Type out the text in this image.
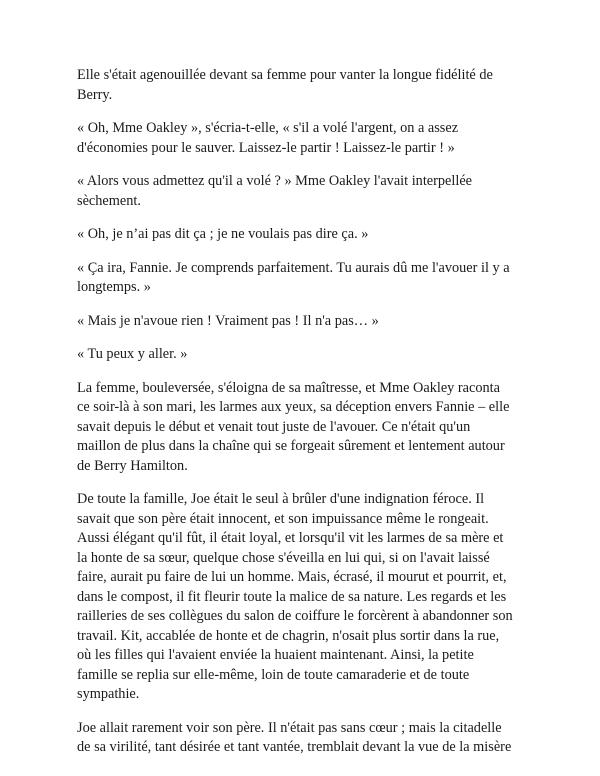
Elle s'était agenouillée devant sa femme pour vanter la longue fidélité de
Berry.

« Oh, Mme Oakley », s'écria-t-elle, « s'il a volé l'argent, on a assez
d'économies pour le sauver. Laissez-le partir ! Laissez-le partir ! »

« Alors vous admettez qu'il a volé ? » Mme Oakley l'avait interpellée
sèchement.

« Oh, je n’ai pas dit ça ; je ne voulais pas dire ça. »

« Ça ira, Fannie. Je comprends parfaitement. Tu aurais dû me l'avouer il y a
longtemps. »

« Mais je n'avoue rien ! Vraiment pas ! Il n'a pas… »

« Tu peux y aller. »

La femme, bouleversée, s'éloigna de sa maîtresse, et Mme Oakley raconta
ce soir-là à son mari, les larmes aux yeux, sa déception envers Fannie – elle
savait depuis le début et venait tout juste de l'avouer. Ce n'était qu'un
maillon de plus dans la chaîne qui se forgeait sûrement et lentement autour
de Berry Hamilton.

De toute la famille, Joe était le seul à brûler d'une indignation féroce. Il
savait que son père était innocent, et son impuissance même le rongeait.
Aussi élégant qu'il fût, il était loyal, et lorsqu'il vit les larmes de sa mère et
la honte de sa sœur, quelque chose s'éveilla en lui qui, si on l'avait laissé
faire, aurait pu faire de lui un homme. Mais, écrasé, il mourut et pourrit, et,
dans le compost, il fit fleurir toute la malice de sa nature. Les regards et les
railleries de ses collègues du salon de coiffure le forcèrent à abandonner son
travail. Kit, accablée de honte et de chagrin, n'osait plus sortir dans la rue,
où les filles qui l'avaient enviée la huaient maintenant. Ainsi, la petite
famille se replia sur elle-même, loin de toute camaraderie et de toute
sympathie.

Joe allait rarement voir son père. Il n'était pas sans cœur ; mais la citadelle
de sa virilité, tant désirée et tant vantée, tremblait devant la vue de la misère
